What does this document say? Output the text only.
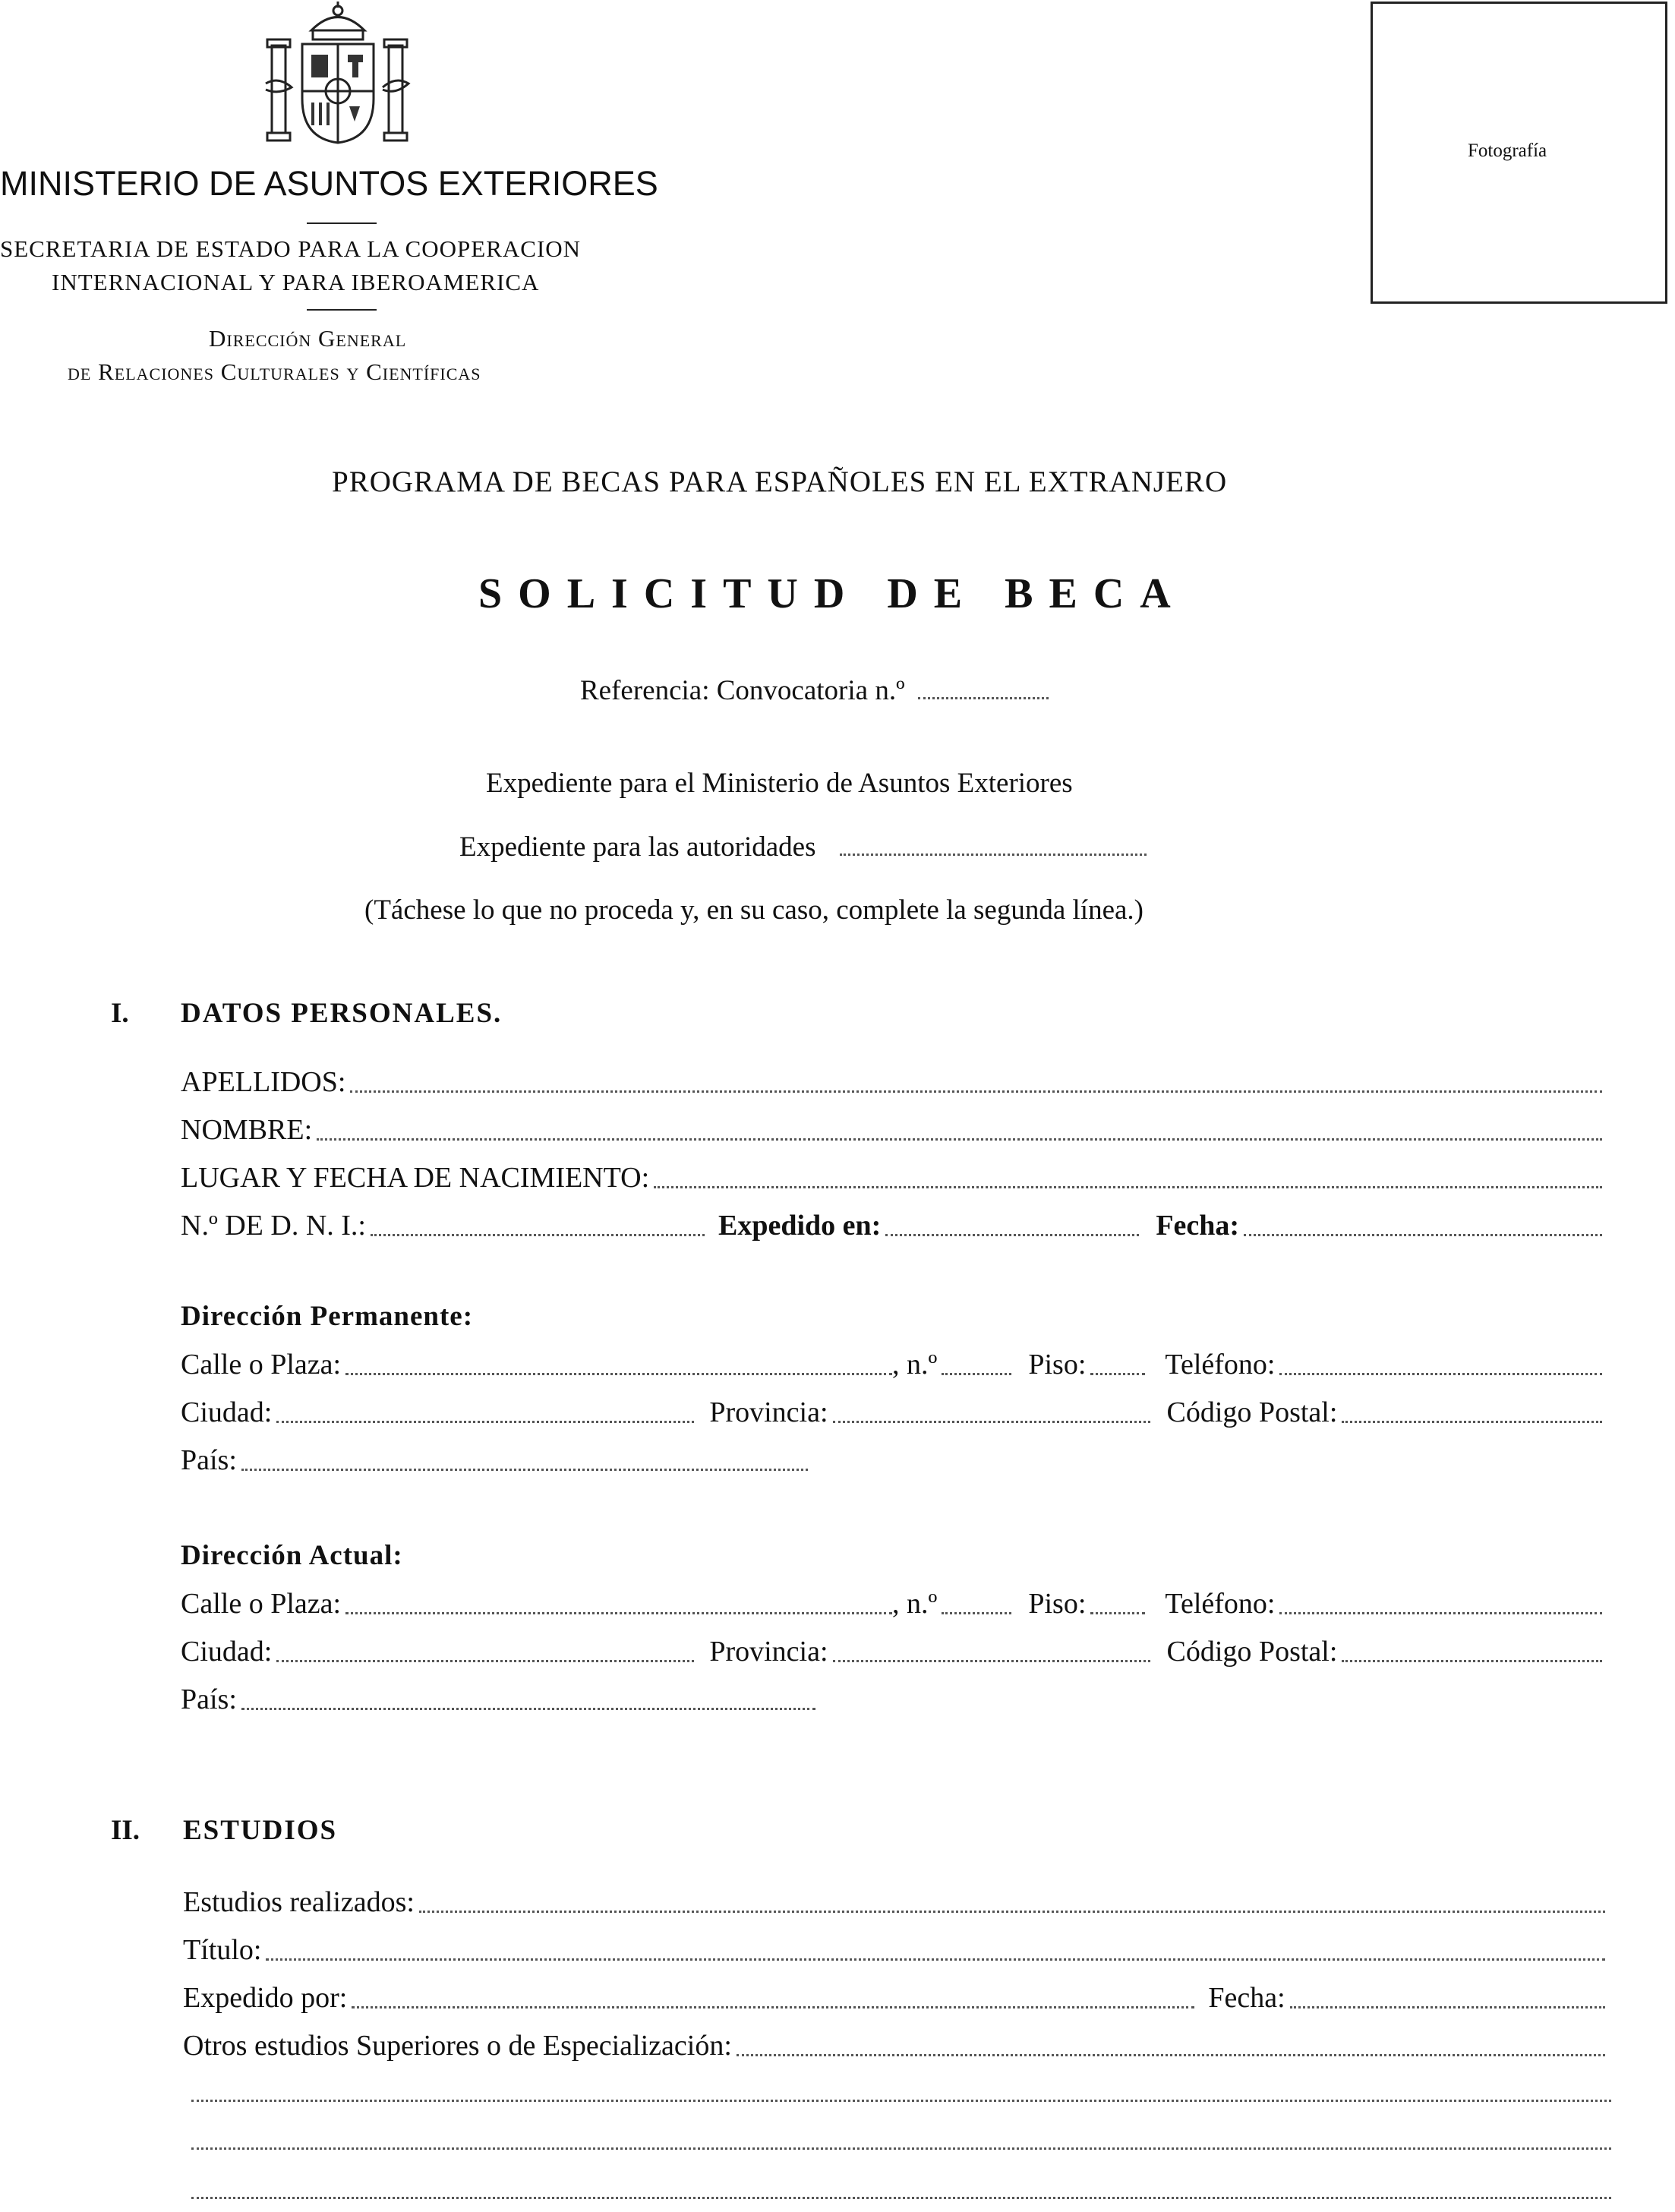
MINISTERIO DE ASUNTOS EXTERIORES
SECRETARIA DE ESTADO PARA LA COOPERACION
INTERNACIONAL Y PARA IBEROAMERICA
Dirección General
de Relaciones Culturales y Científicas
Fotografía
PROGRAMA DE BECAS PARA ESPAÑOLES EN EL EXTRANJERO
SOLICITUD DE BECA
Referencia: Convocatoria n.º
Expediente para el Ministerio de Asuntos Exteriores
Expediente para las autoridades
(Táchese lo que no proceda y, en su caso, complete la segunda línea.)
I. DATOS PERSONALES.
APELLIDOS:
NOMBRE:
LUGAR Y FECHA DE NACIMIENTO:
N.º DE D. N. I.:	Expedido en:	Fecha:
Dirección Permanente:
Calle o Plaza:	, n.º	Piso:	Teléfono:
Ciudad:	Provincia:	Código Postal:
País:
Dirección Actual:
Calle o Plaza:	, n.º	Piso:	Teléfono:
Ciudad:	Provincia:	Código Postal:
País:
II. ESTUDIOS
Estudios realizados:
Título:
Expedido por:	Fecha:
Otros estudios Superiores o de Especialización:
